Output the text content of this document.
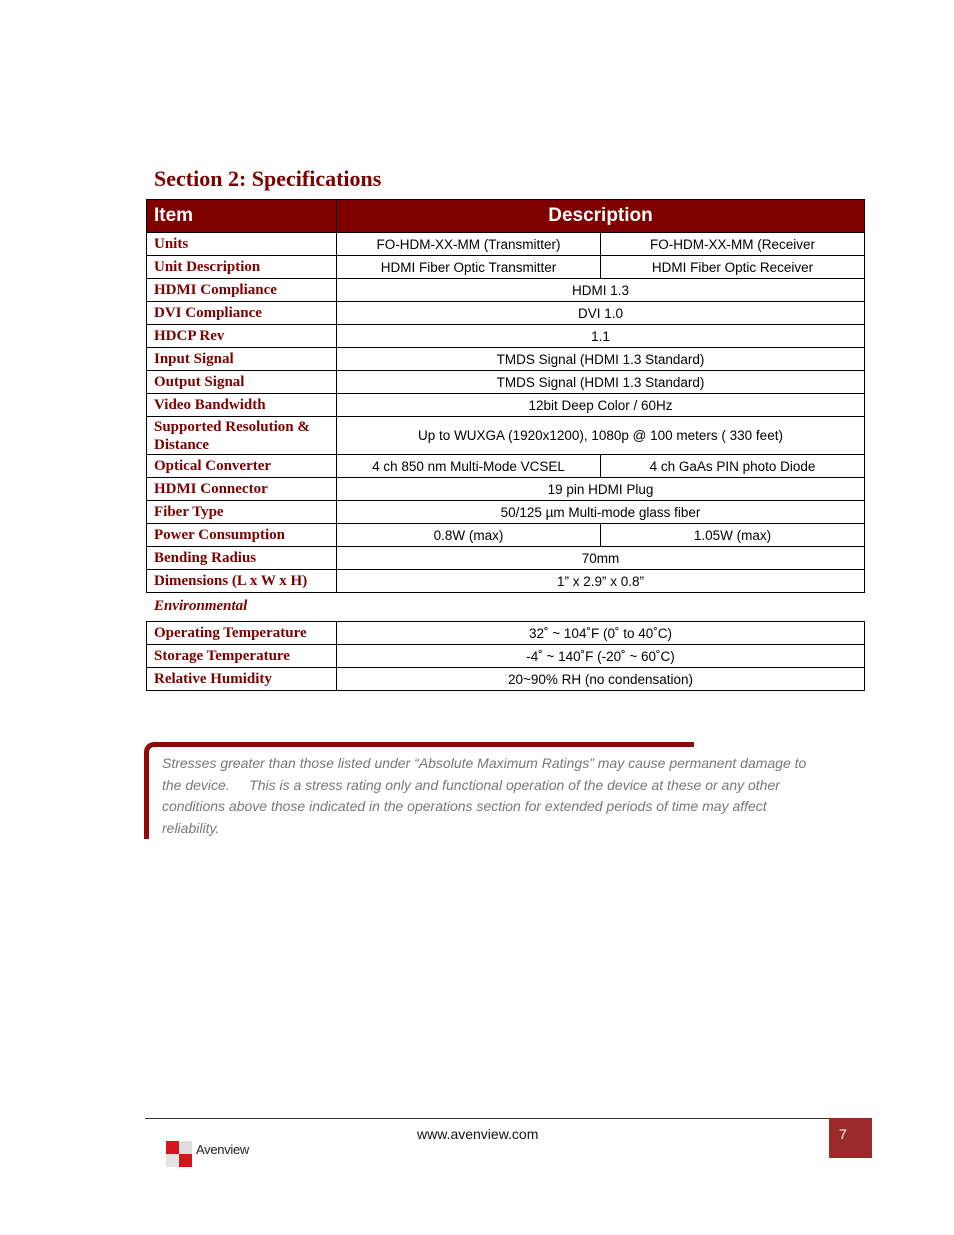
Section 2: Specifications
Item	Description	
Units	FO-HDM-XX-MM (Transmitter)	FO-HDM-XX-MM (Receiver
Unit Description	HDMI Fiber Optic Transmitter	HDMI Fiber Optic Receiver
HDMI Compliance	HDMI 1.3	
DVI Compliance	DVI 1.0	
HDCP Rev	1.1	
Input Signal	TMDS Signal (HDMI 1.3 Standard)	
Output Signal	TMDS Signal (HDMI 1.3 Standard)	
Video Bandwidth	12bit Deep Color / 60Hz	
Supported Resolution & Distance	Up to WUXGA (1920x1200), 1080p @ 100 meters ( 330 feet)	
Optical Converter	4 ch 850 nm Multi-Mode VCSEL	4 ch GaAs PIN photo Diode
HDMI Connector	19 pin HDMI Plug	
Fiber Type	50/125 µm Multi-mode glass fiber	
Power Consumption	0.8W (max)	1.05W (max)
Bending Radius	70mm	
Dimensions (L x W x H)	1” x 2.9” x 0.8”	
Environmental
Operating Temperature	32˚ ~ 104˚F (0˚ to 40˚C)
Storage Temperature	-4˚ ~ 140˚F (-20˚ ~ 60˚C)
Relative Humidity	20~90% RH (no condensation)

Stresses greater than those listed under “Absolute Maximum Ratings” may cause permanent damage to
the device.     This is a stress rating only and functional operation of the device at these or any other
conditions above those indicated in the operations section for extended periods of time may affect
reliability.

www.avenview.com	7
Avenview
